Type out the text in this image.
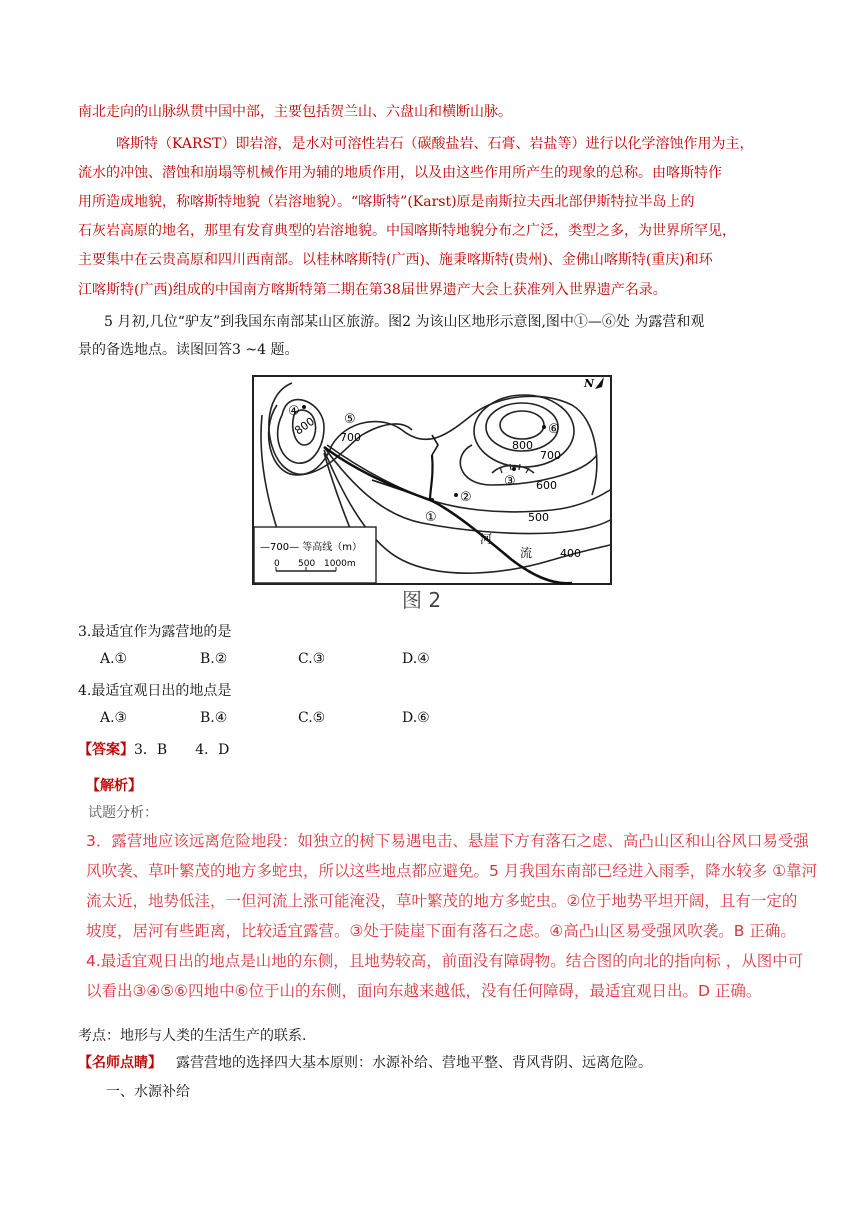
南北走向的山脉纵贯中国中部，主要包括贺兰山、六盘山和横断山脉。
喀斯特（KARST）即岩溶，是水对可溶性岩石（碳酸盐岩、石膏、岩盐等）进行以化学溶蚀作用为主，
流水的冲蚀、潜蚀和崩塌等机械作用为辅的地质作用，以及由这些作用所产生的现象的总称。由喀斯特作
用所造成地貌，称喀斯特地貌（岩溶地貌）。“喀斯特”(Karst)原是南斯拉夫西北部伊斯特拉半岛上的
石灰岩高原的地名，那里有发育典型的岩溶地貌。中国喀斯特地貌分布之广泛，类型之多，为世界所罕见，
主要集中在云贵高原和四川西南部。以桂林喀斯特(广西)、施秉喀斯特(贵州)、金佛山喀斯特(重庆)和环
江喀斯特(广西)组成的中国南方喀斯特第二期在第38届世界遗产大会上获准列入世界遗产名录。
5 月初,几位“驴友”到我国东南部某山区旅游。图2 为该山区地形示意图,图中①—⑥处 为露营和观
景的备选地点。读图回答3 ~4 题。
—700— 等高线（m）
0 500 1000m
N
800
700
800
700
600
500
400
河
流
①
②
③
④
⑤
⑥
图 2
3.最适宜作为露营地的是
A.①	B.②	C.③	D.④
4.最适宜观日出的地点是
A.③	B.④	C.⑤	D.⑥
【答案】3．B　　4．D
【解析】
试题分析：
3．露营地应该远离危险地段：如独立的树下易遇电击、悬崖下方有落石之虑、高凸山区和山谷风口易受强
风吹袭、草叶繁茂的地方多蛇虫，所以这些地点都应避免。5 月我国东南部已经进入雨季，降水较多 ①靠河
流太近，地势低洼，一但河流上涨可能淹没，草叶繁茂的地方多蛇虫。②位于地势平坦开阔，且有一定的
坡度，居河有些距离，比较适宜露营。③处于陡崖下面有落石之虑。④高凸山区易受强风吹袭。B 正确。
4.最适宜观日出的地点是山地的东侧，且地势较高，前面没有障碍物。结合图的向北的指向标 ，从图中可
以看出③④⑤⑥四地中⑥位于山的东侧，面向东越来越低，没有任何障碍，最适宜观日出。D 正确。
考点：地形与人类的生活生产的联系.
【名师点睛】 露营营地的选择四大基本原则：水源补给、营地平整、背风背阴、远离危险。
一、水源补给
